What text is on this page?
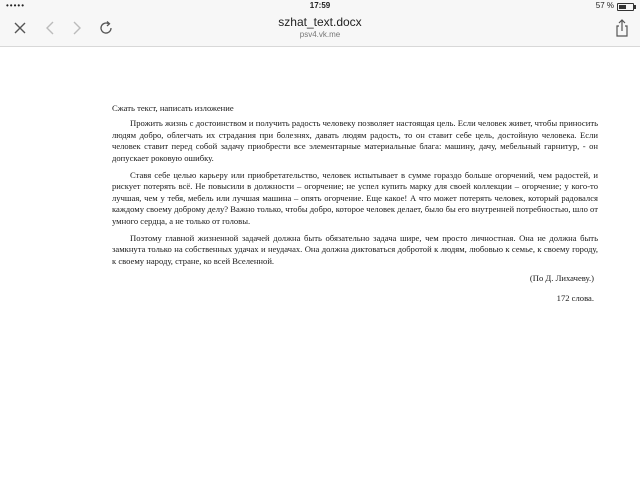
•••••	17:59	57 %
szhat_text.docx
psv4.vk.me
Сжать текст, написать изложение

Прожить жизнь с достоинством и получить радость человеку позволяет настоящая цель. Если человек живет, чтобы приносить людям добро, облегчать их страдания при болезнях, давать людям радость, то он ставит себе цель, достойную человека. Если человек ставит перед собой задачу приобрести все элементарные материальные блага: машину, дачу, мебельный гарнитур, - он допускает роковую ошибку.

Ставя себе целью карьеру или приобретательство, человек испытывает в сумме гораздо больше огорчений, чем радостей, и рискует потерять всё. Не повысили в должности – огорчение; не успел купить марку для своей коллекции – огорчение; у кого-то лучшая, чем у тебя, мебель или лучшая машина – опять огорчение. Еще какое! А что может потерять человек, который радовался каждому своему доброму делу? Важно только, чтобы добро, которое человек делает, было бы его внутренней потребностью, шло от умного сердца, а не только от головы.

Поэтому главной жизненной задачей должна быть обязательно задача шире, чем просто личностная. Она не должна быть замкнута только на собственных удачах и неудачах. Она должна диктоваться добротой к людям, любовью к семье, к своему городу, к своему народу, стране, ко всей Вселенной.

(По Д. Лихачеву.)
172 слова.
